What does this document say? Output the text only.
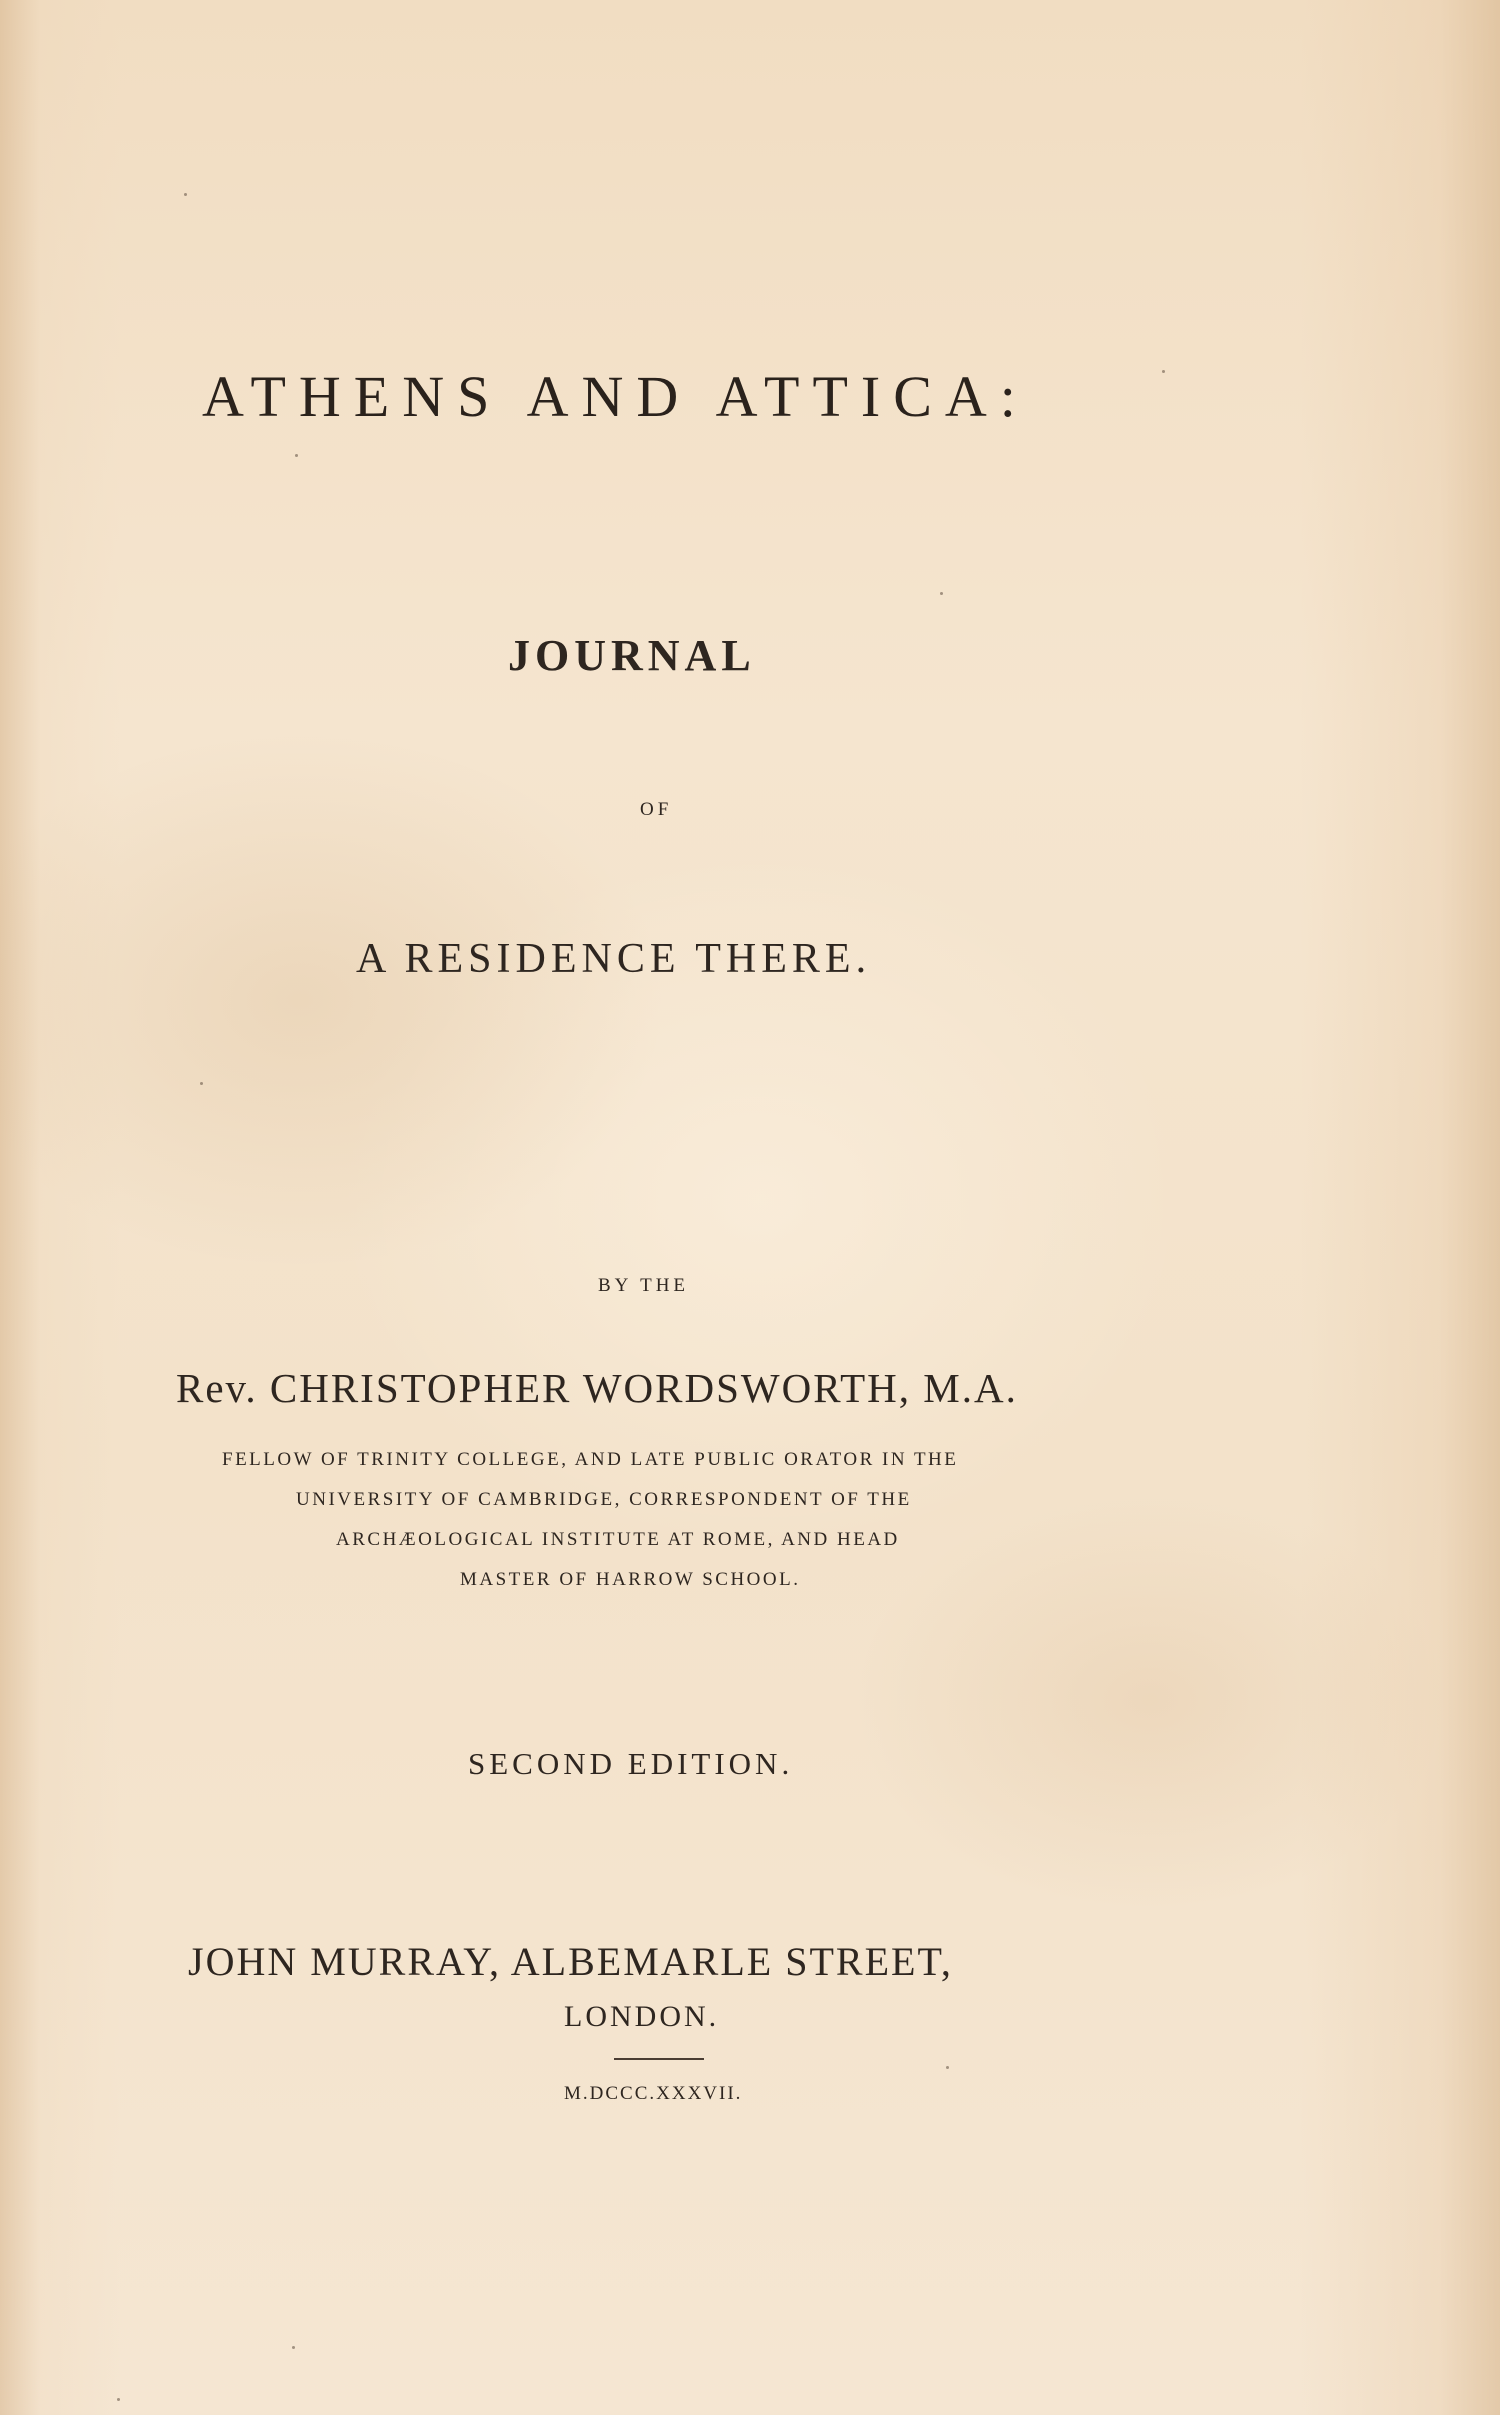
ATHENS AND ATTICA:
JOURNAL
OF
A RESIDENCE THERE.
BY THE
Rev. CHRISTOPHER WORDSWORTH, M.A.
FELLOW OF TRINITY COLLEGE, AND LATE PUBLIC ORATOR IN THE
UNIVERSITY OF CAMBRIDGE, CORRESPONDENT OF THE
ARCHÆOLOGICAL INSTITUTE AT ROME, AND HEAD
MASTER OF HARROW SCHOOL.
SECOND EDITION.
JOHN MURRAY, ALBEMARLE STREET,
LONDON.
M.DCCC.XXXVII.
